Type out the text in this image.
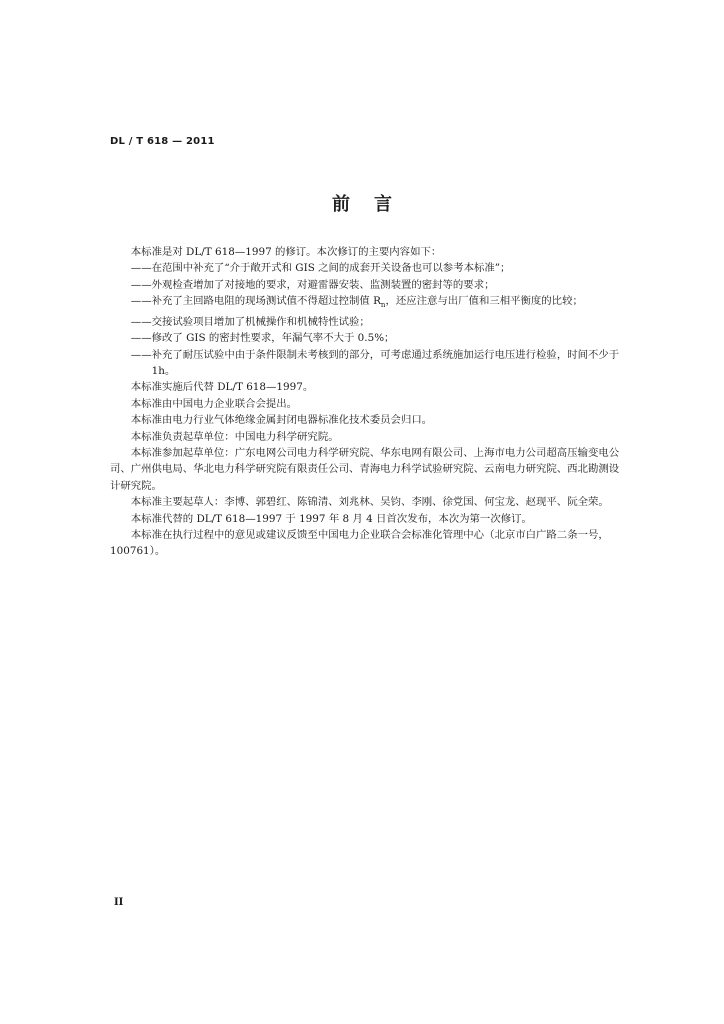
DL / T 618 — 2011
前言

本标准是对 DL/T 618—1997 的修订。本次修订的主要内容如下：

——在范围中补充了“介于敞开式和 GIS 之间的成套开关设备也可以参考本标准”；

——外观检查增加了对接地的要求，对避雷器安装、监测装置的密封等的要求；

——补充了主回路电阻的现场测试值不得超过控制值 $R_n$，还应注意与出厂值和三相平衡度的比较；

——交接试验项目增加了机械操作和机械特性试验；

——修改了 GIS 的密封性要求，年漏气率不大于 0.5%；

——补充了耐压试验中由于条件限制未考核到的部分，可考虑通过系统施加运行电压进行检验，时间不少于 1h。

本标准实施后代替 DL/T 618—1997。

本标准由中国电力企业联合会提出。

本标准由电力行业气体绝缘金属封闭电器标准化技术委员会归口。

本标准负责起草单位：中国电力科学研究院。

本标准参加起草单位：广东电网公司电力科学研究院、华东电网有限公司、上海市电力公司超高压输变电公司、广州供电局、华北电力科学研究院有限责任公司、青海电力科学试验研究院、云南电力研究院、西北勘测设计研究院。

本标准主要起草人：李博、郭碧红、陈锦清、刘兆林、吴钧、李刚、徐党国、何宝龙、赵现平、阮全荣。

本标准代替的 DL/T 618—1997 于 1997 年 8 月 4 日首次发布，本次为第一次修订。

本标准在执行过程中的意见或建议反馈至中国电力企业联合会标准化管理中心（北京市白广路二条一号，100761）。

II
